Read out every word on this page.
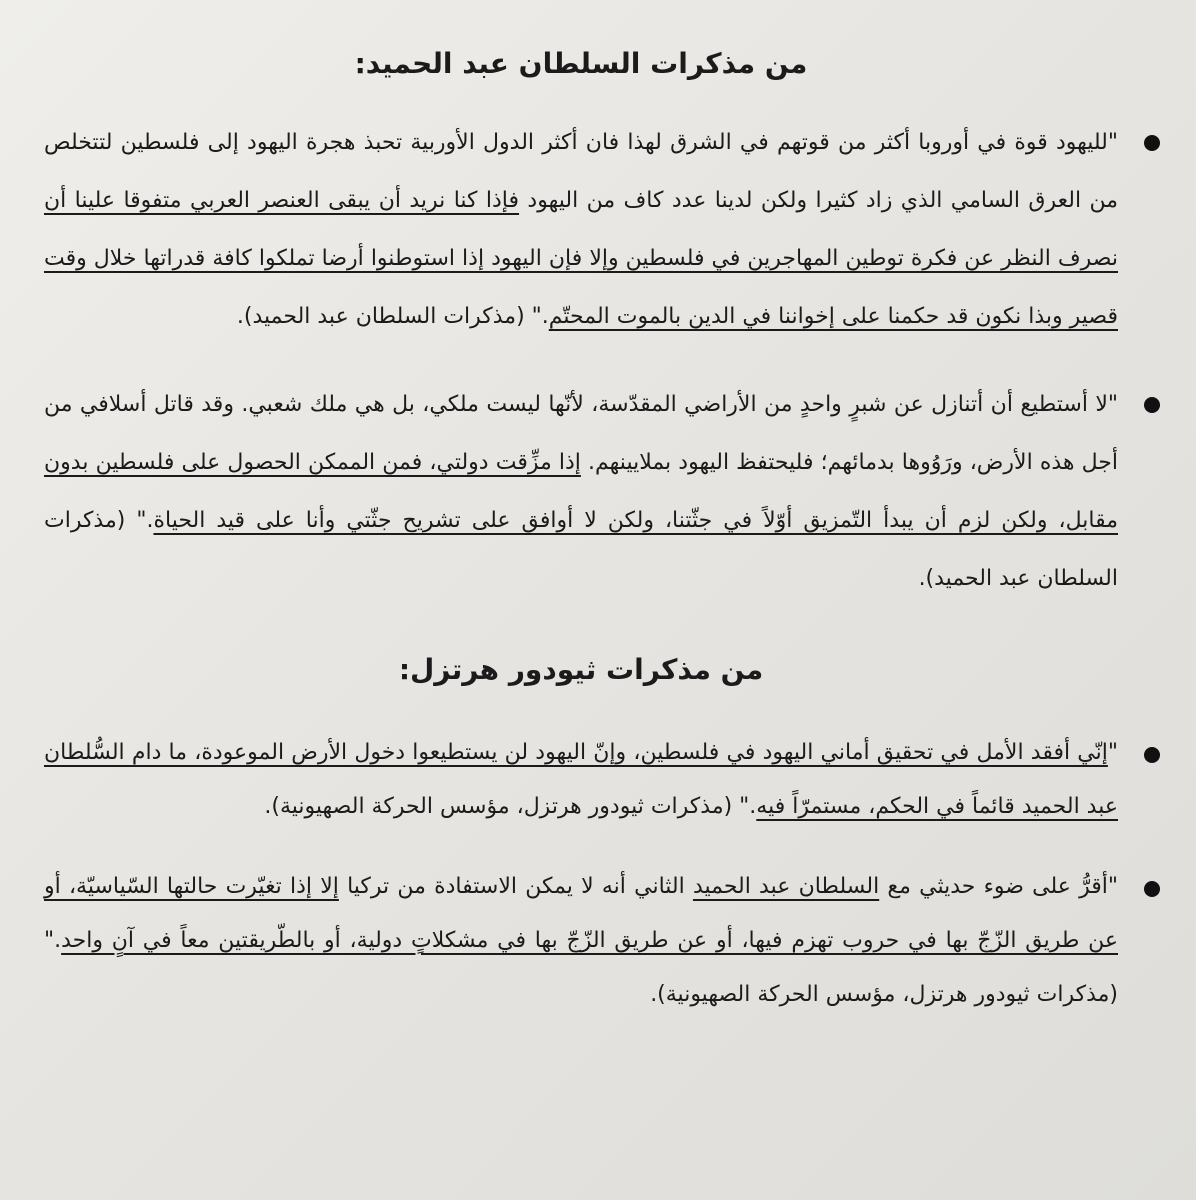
من مذكرات السلطان عبد الحميد:

"لليهود قوة في أوروبا أكثر من قوتهم في الشرق لهذا فان أكثر الدول الأوربية تحبذ هجرة اليهود إلى فلسطين لتتخلص من العرق السامي الذي زاد كثيرا ولكن لدينا عدد كاف من اليهود فإذا كنا نريد أن يبقى العنصر العربي متفوقا علينا أن نصرف النظر عن فكرة توطين المهاجرين في فلسطين وإلا فإن اليهود إذا استوطنوا أرضا تملكوا كافة قدراتها خلال وقت قصير وبذا نكون قد حكمنا على إخواننا في الدين بالموت المحتّم." (مذكرات السلطان عبد الحميد).

"لا أستطيع أن أتنازل عن شبرٍ واحدٍ من الأراضي المقدّسة، لأنّها ليست ملكي، بل هي ملك شعبي. وقد قاتل أسلافي من أجل هذه الأرض، ورَوُوها بدمائهم؛ فليحتفظ اليهود بملايينهم. إذا مزِّقت دولتي، فمن الممكن الحصول على فلسطين بدون مقابل، ولكن لزم أن يبدأ التّمزيق أوّلاً في جثّتنا، ولكن لا أوافق على تشريح جثّتي وأنا على قيد الحياة." (مذكرات السلطان عبد الحميد).

من مذكرات ثيودور هرتزل:

"إنّي أفقد الأمل في تحقيق أماني اليهود في فلسطين، وإنّ اليهود لن يستطيعوا دخول الأرض الموعودة، ما دام السُّلطان عبد الحميد قائماً في الحكم، مستمرّاً فيه." (مذكرات ثيودور هرتزل، مؤسس الحركة الصهيونية).

"أقرُّ على ضوء حديثي مع السلطان عبد الحميد الثاني أنه لا يمكن الاستفادة من تركيا إلا إذا تغيّرت حالتها السّياسيّة، أو عن طريق الزّجّ بها في حروب تهزم فيها، أو عن طريق الزّجّ بها في مشكلاتٍ دولية، أو بالطّريقتين معاً في آنٍ واحد." (مذكرات ثيودور هرتزل، مؤسس الحركة الصهيونية).
